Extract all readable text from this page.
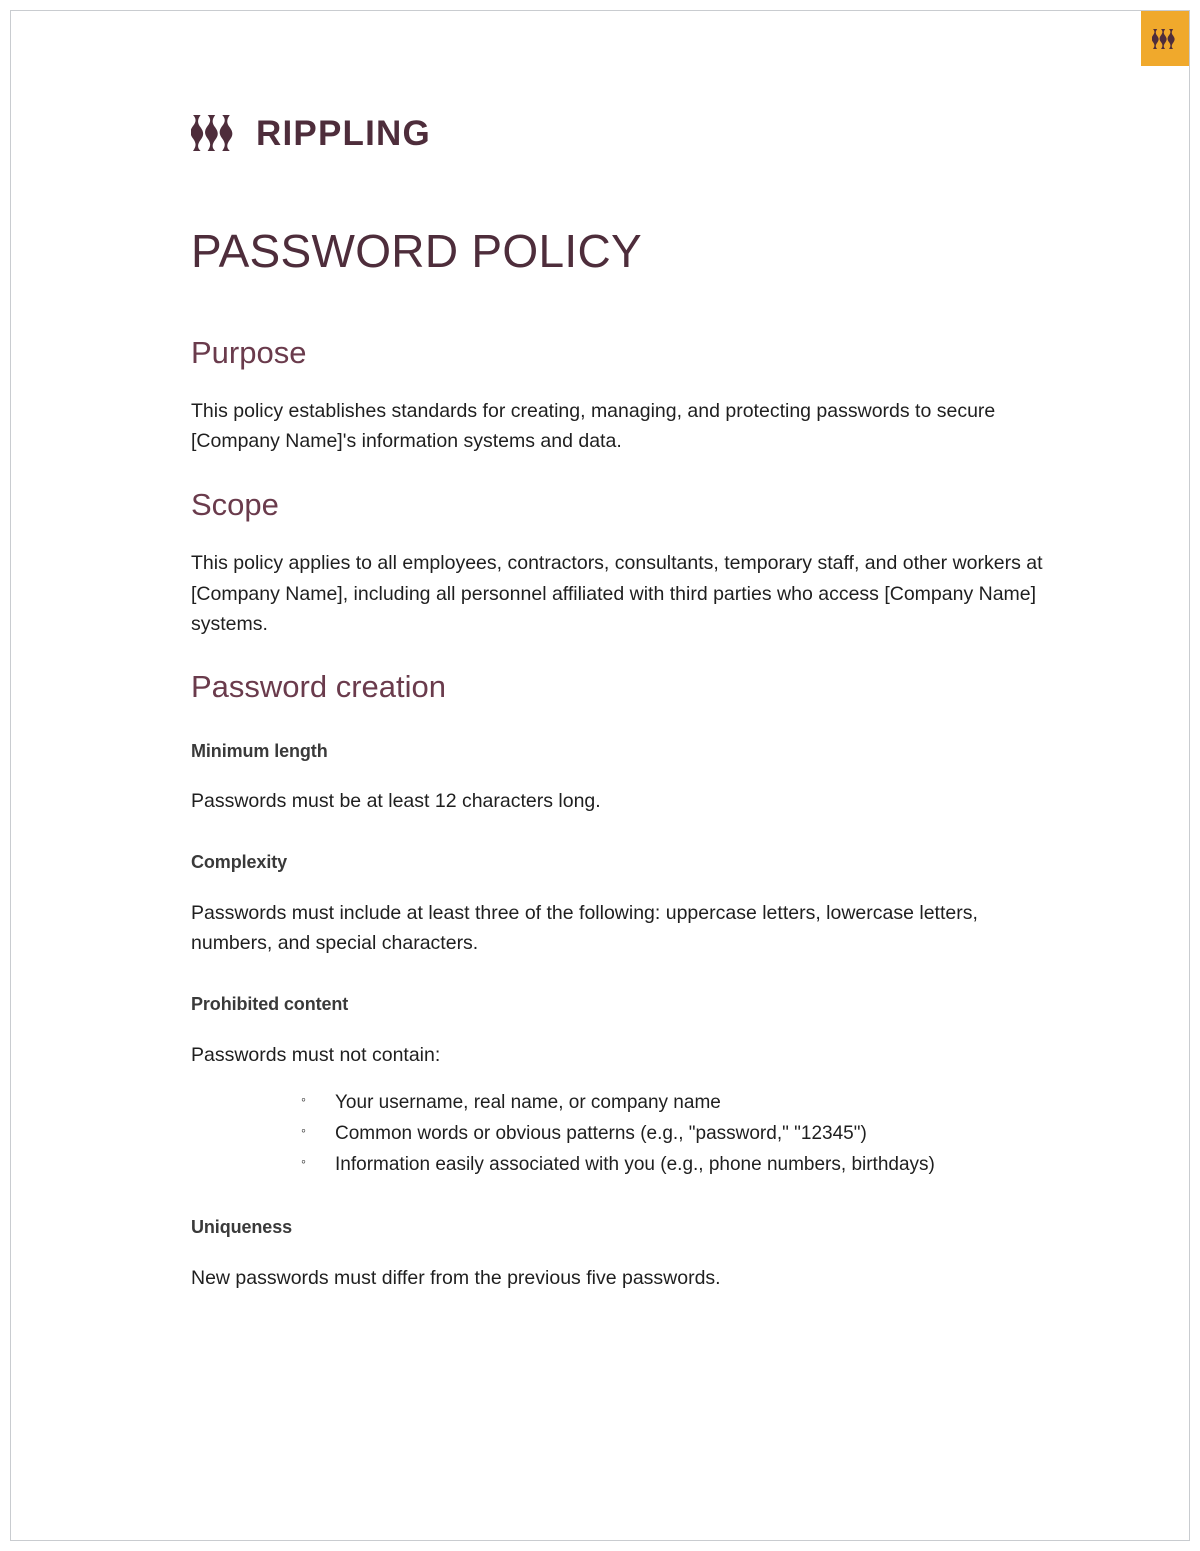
RIPPLING
PASSWORD POLICY
Purpose

This policy establishes standards for creating, managing, and protecting passwords to secure [Company Name]'s information systems and data.

Scope

This policy applies to all employees, contractors, consultants, temporary staff, and other workers at [Company Name], including all personnel affiliated with third parties who access [Company Name] systems.

Password creation
Minimum length

Passwords must be at least 12 characters long.

Complexity

Passwords must include at least three of the following: uppercase letters, lowercase letters, numbers, and special characters.

Prohibited content

Passwords must not contain:

◦ Your username, real name, or company name
◦ Common words or obvious patterns (e.g., "password," "12345")
◦ Information easily associated with you (e.g., phone numbers, birthdays)
Uniqueness

New passwords must differ from the previous five passwords.
